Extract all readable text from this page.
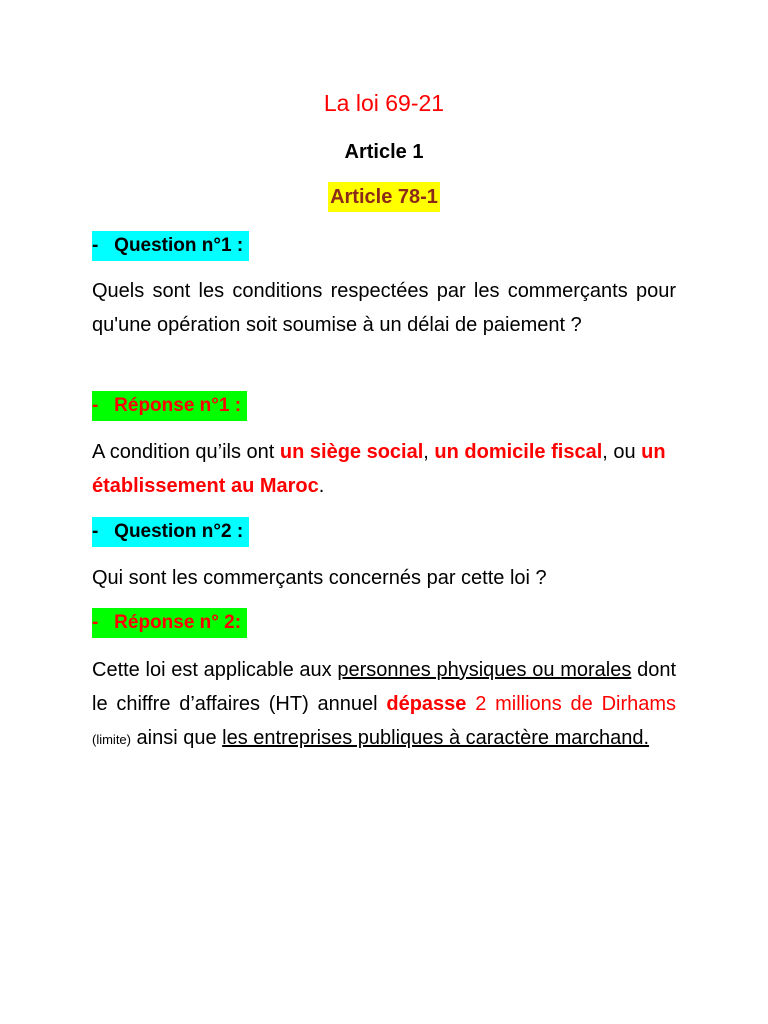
La loi 69-21
Article 1
Article 78-1
-   Question n°1 :
Quels sont les conditions respectées par les commerçants pour qu'une opération soit soumise à un délai de paiement ?
-   Réponse n°1 :
A condition qu’ils ont un siège social, un domicile fiscal, ou un établissement au Maroc.
-   Question n°2 :
Qui sont les commerçants concernés par cette loi ?
-   Réponse n° 2:
Cette loi est applicable aux personnes physiques ou morales dont le chiffre d’affaires (HT) annuel dépasse 2 millions de Dirhams (limite) ainsi que les entreprises publiques à caractère marchand.
